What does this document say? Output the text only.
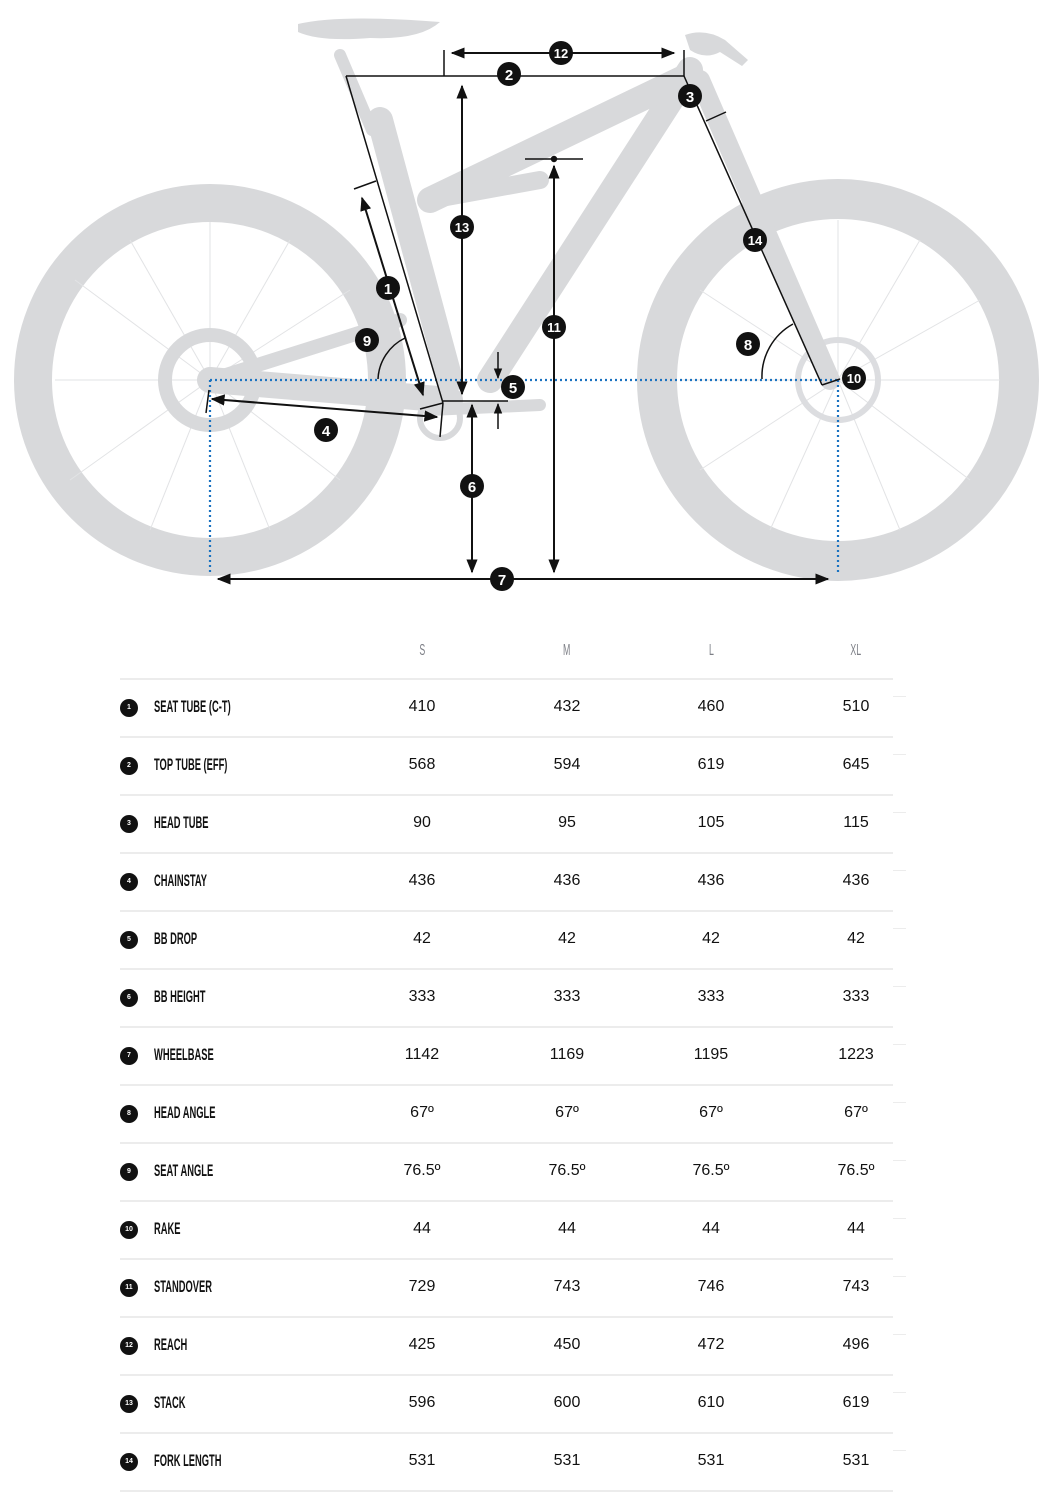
1
2
3
4
5
6
7
8
9
10
11
12
13
14
S	M	L	XL
1	SEAT TUBE (C-T)	410	432	460	510
2	TOP TUBE (EFF)	568	594	619	645
3	HEAD TUBE	90	95	105	115
4	CHAINSTAY	436	436	436	436
5	BB DROP	42	42	42	42
6	BB HEIGHT	333	333	333	333
7	WHEELBASE	1142	1169	1195	1223
8	HEAD ANGLE	67º	67º	67º	67º
9	SEAT ANGLE	76.5º	76.5º	76.5º	76.5º
10	RAKE	44	44	44	44
11	STANDOVER	729	743	746	743
12	REACH	425	450	472	496
13	STACK	596	600	610	619
14	FORK LENGTH	531	531	531	531
